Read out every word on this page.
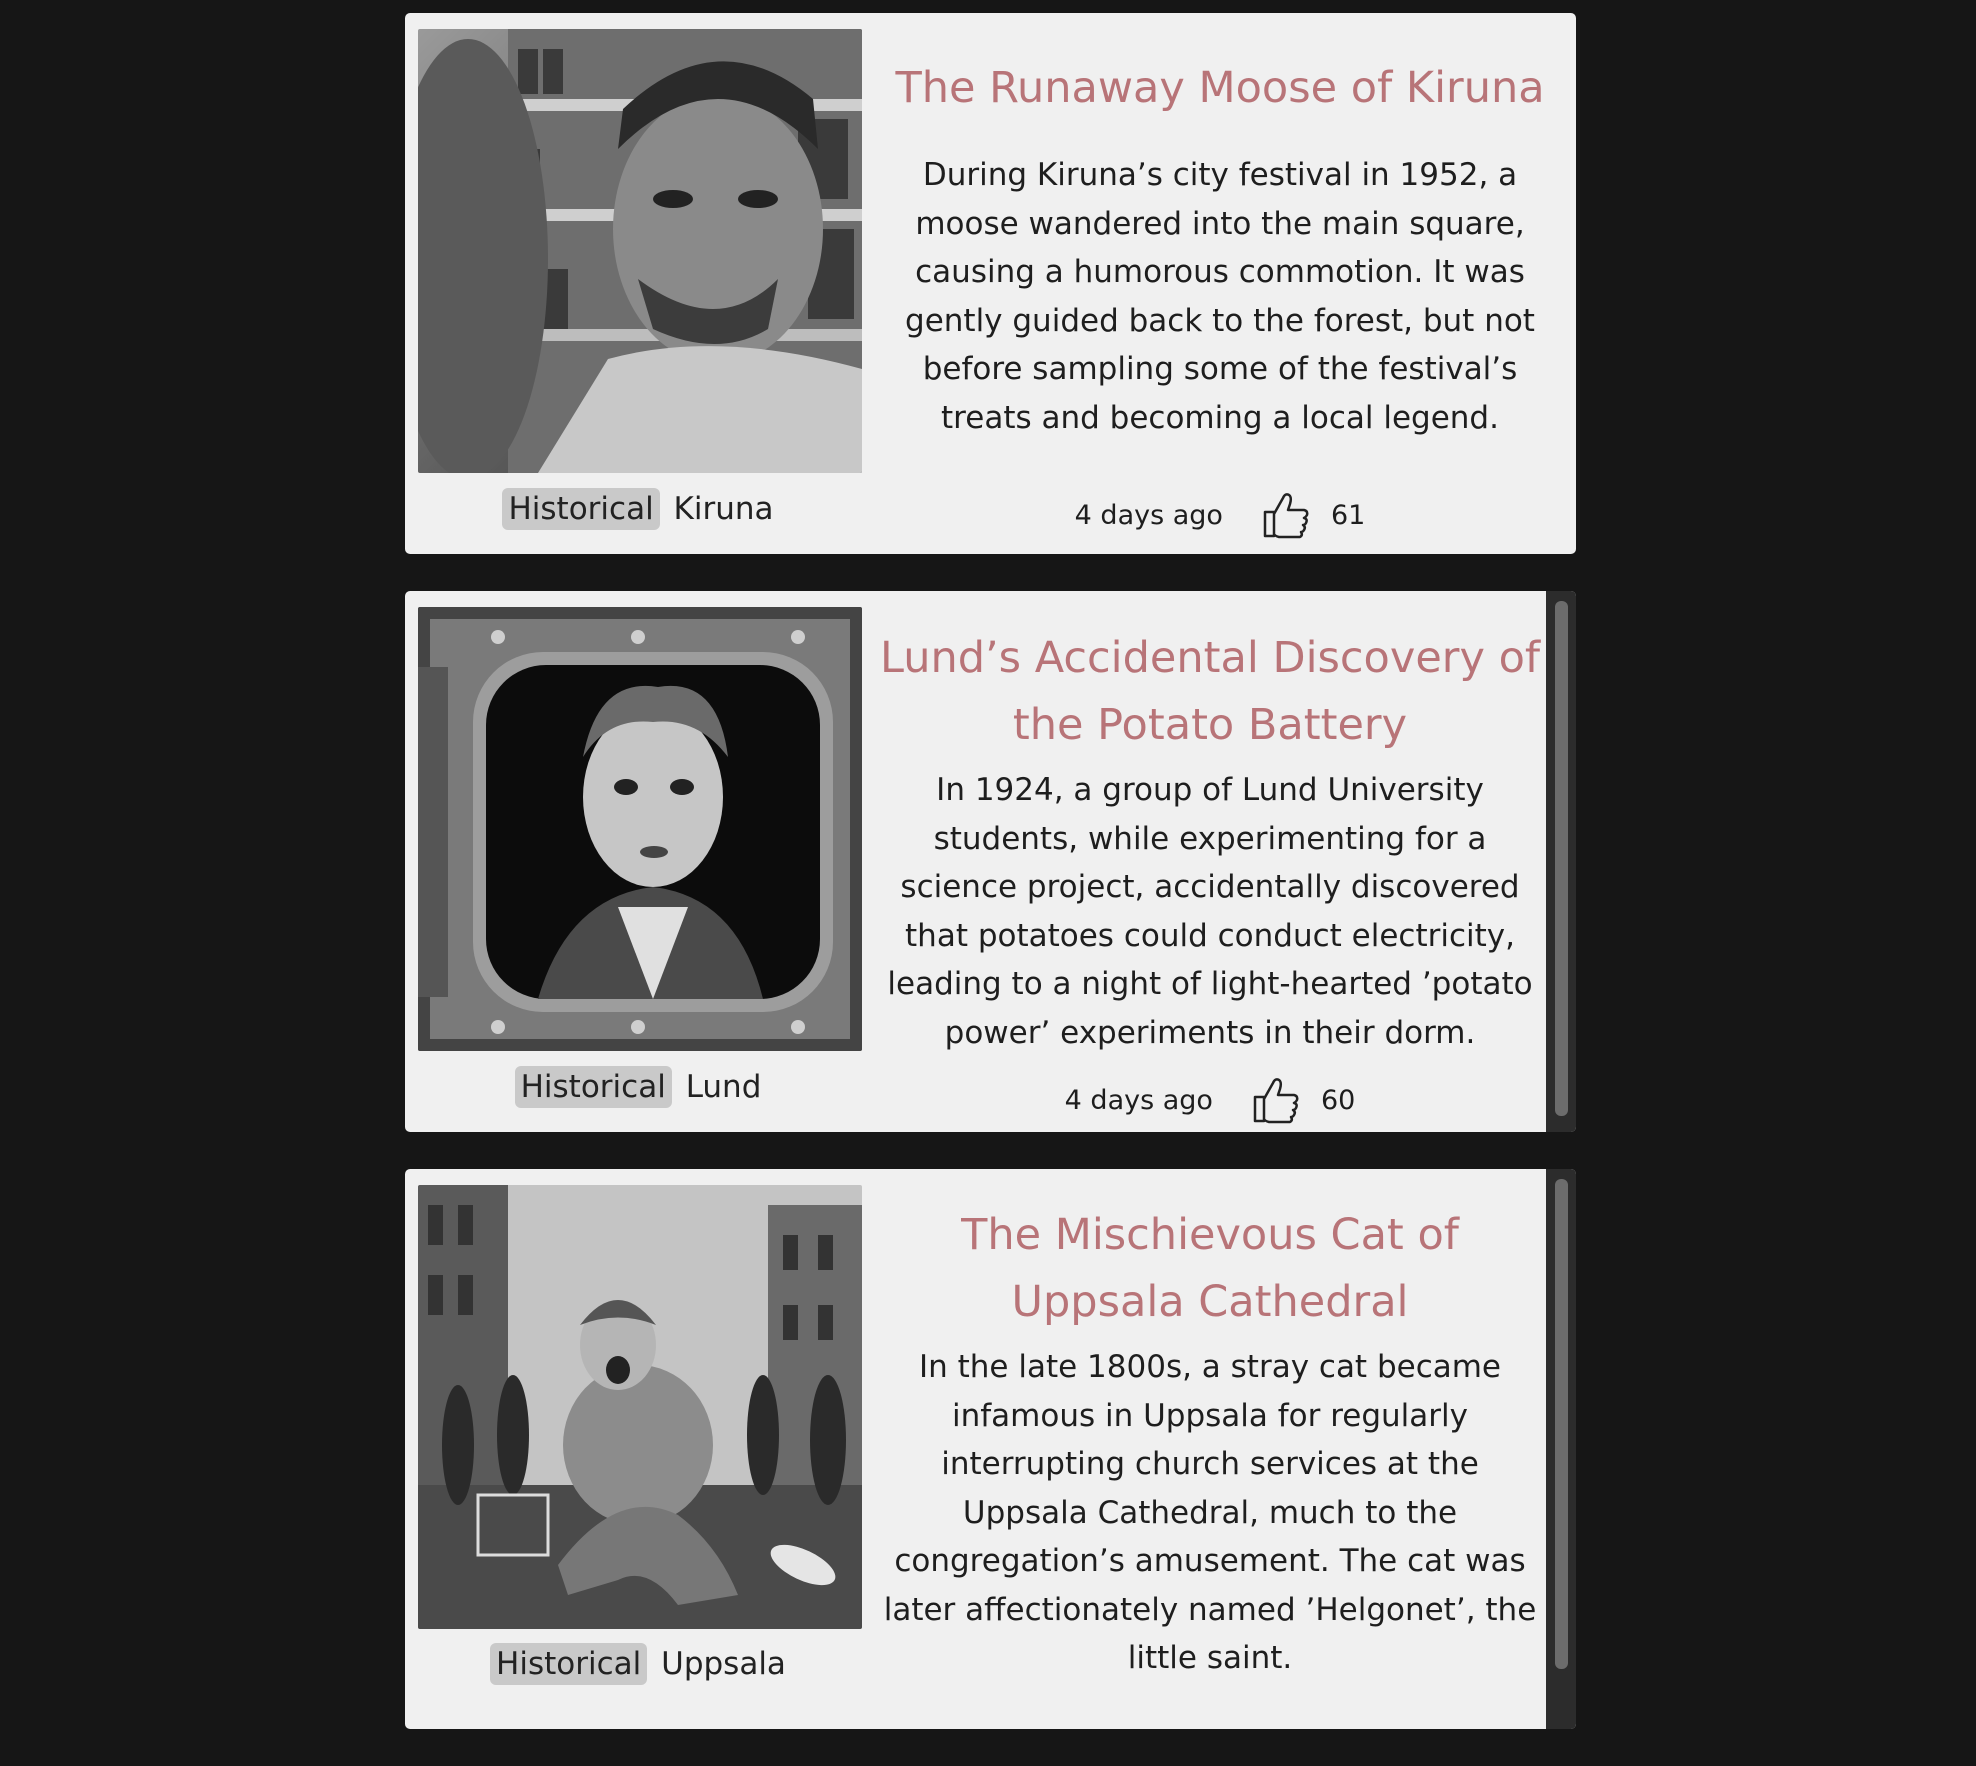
Historical Kiruna
The Runaway Moose of Kiruna

During Kiruna’s city festival in 1952, a moose wandered into the main square, causing a humorous commotion. It was gently guided back to the forest, but not before sampling some of the festival’s treats and becoming a local legend.

4 days ago	61
Historical Lund
Lund’s Accidental Discovery of the Potato Battery

In 1924, a group of Lund University students, while experimenting for a science project, accidentally discovered that potatoes could conduct electricity, leading to a night of light-hearted ’potato power’ experiments in their dorm.

4 days ago	60
Historical Uppsala
The Mischievous Cat of Uppsala Cathedral

In the late 1800s, a stray cat became infamous in Uppsala for regularly interrupting church services at the Uppsala Cathedral, much to the congregation’s amusement. The cat was later affectionately named ’Helgonet’, the little saint.
